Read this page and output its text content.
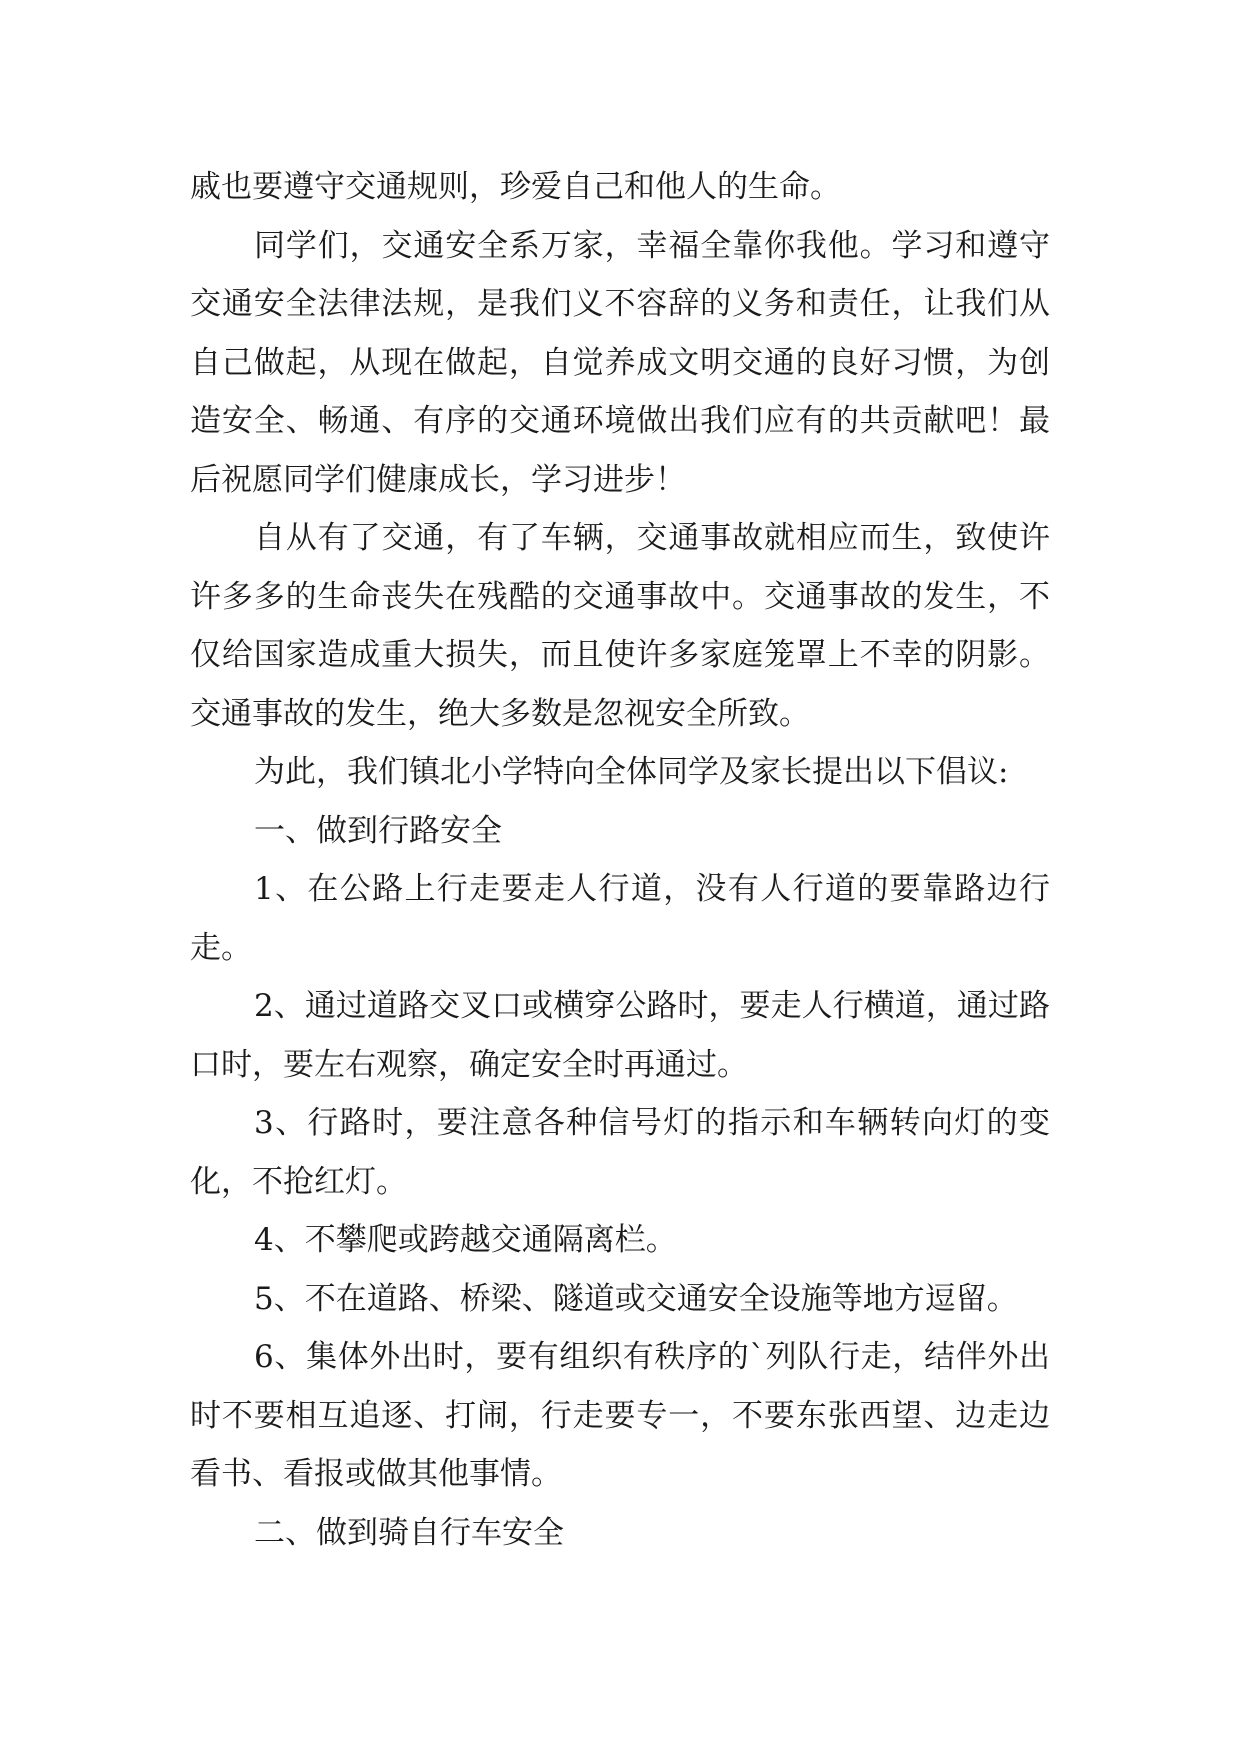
戚也要遵守交通规则，珍爱自己和他人的生命。

同学们，交通安全系万家，幸福全靠你我他。学习和遵守交通安全法律法规，是我们义不容辞的义务和责任，让我们从自己做起，从现在做起，自觉养成文明交通的良好习惯，为创造安全、畅通、有序的交通环境做出我们应有的共贡献吧！最后祝愿同学们健康成长，学习进步！

自从有了交通，有了车辆，交通事故就相应而生，致使许许多多的生命丧失在残酷的交通事故中。交通事故的发生，不仅给国家造成重大损失，而且使许多家庭笼罩上不幸的阴影。交通事故的发生，绝大多数是忽视安全所致。

为此，我们镇北小学特向全体同学及家长提出以下倡议:

一、做到行路安全

1、在公路上行走要走人行道，没有人行道的要靠路边行走。

2、通过道路交叉口或横穿公路时，要走人行横道，通过路口时，要左右观察，确定安全时再通过。

3、行路时，要注意各种信号灯的指示和车辆转向灯的变化，不抢红灯。

4、不攀爬或跨越交通隔离栏。

5、不在道路、桥梁、隧道或交通安全设施等地方逗留。

6、集体外出时，要有组织有秩序的`列队行走，结伴外出时不要相互追逐、打闹，行走要专一，不要东张西望、边走边看书、看报或做其他事情。

二、做到骑自行车安全
